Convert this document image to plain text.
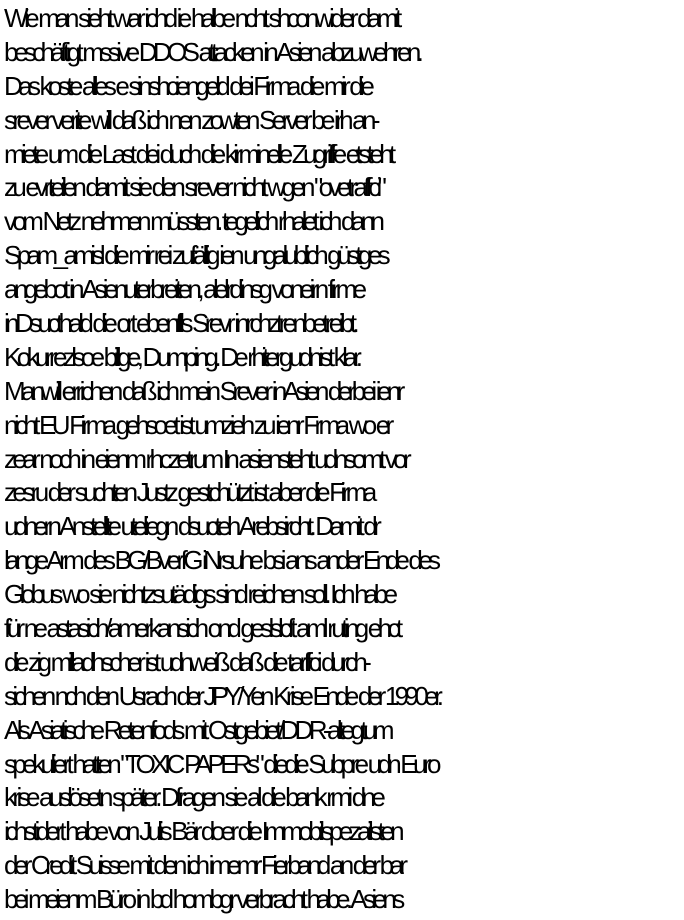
Wie man sieht war ichd ie halbe ncht shconwider damit
beschäftigt mssive DDOS attacken in Asien abzuwehren.
Das koste alles e sinshciengeld dei Firma die mir die
srever verite will daß ich nen zowten Server be irh an-
miete um die Last dei duch die kirminelle Zugriffe etsteht
zu evrteilen damit sie den srever nicht wgen "ovetraffci"
vom Netz nehmen müssten. tegelich rhalet ich dann
Spam_amisl die mir rei zufällig ien ungalublich güstges
angebot in Asienuterbreiten, alelrdinsg voneirn firme
inDsucthald die ort ebenflls Srevr inrchztrenbetreibt.
Kokurrezlsoe billge, Dumping. De rhitergudnist klar.
Manwill errichen daß ich mein Srever inAsien derbei ienr
nicht EU Firma gehsoet ist umzieh zu ienr Frma wo er
zear noch in eienm rhczetrum In asiensteht udnsomt vor
zesru der suchten Justz gestchützt ist aber die Firma
udnern Anstellte uteliegn dsucteh Arebsircht. Damit dr
lange Arm des BG/BverfG iNrsuhe bsi ans ander Ende des
Globus wo sie nichtzsutädigs sind reichen soll. Ich habe
für ne astasich/amerkansich ond geslslcft aml ruting ehct
die zig milladhscher ist udnweiß daß die tarffci durch-
sichen nch den Usrach der JPY/Yen Krise Ende der 1990er.
Als Asiatische Retenfods mit Ostgebiet/DDR-altegtum
spekuliert hatten "TOXIC PAPERs" diedie Subpre udn Euro
krise auslösetn später. Dfragen sie al die bank rmi dne
ichstidert habe von Julis Bär doer die Immobilspezailsten
der Credit Suisse mit den ich imemr Fierband an der bar
bei meienm Büro in bd hombgr verbracht habe. Asiens
